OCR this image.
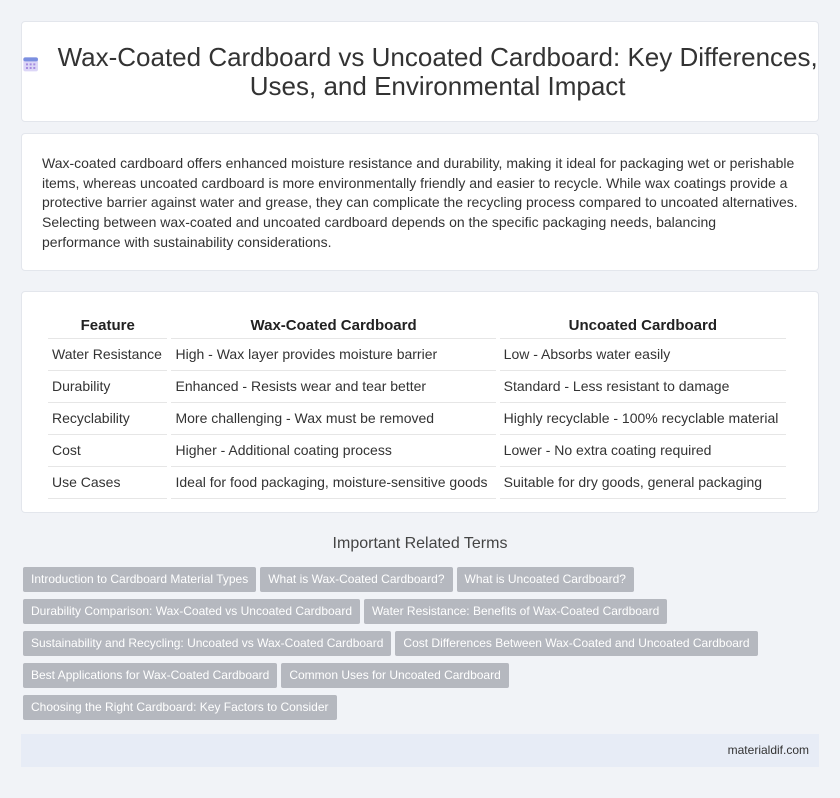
Wax-Coated Cardboard vs Uncoated Cardboard: Key Differences, Uses, and Environmental Impact

Wax-coated cardboard offers enhanced moisture resistance and durability, making it ideal for packaging wet or perishable items, whereas uncoated cardboard is more environmentally friendly and easier to recycle. While wax coatings provide a protective barrier against water and grease, they can complicate the recycling process compared to uncoated alternatives. Selecting between wax-coated and uncoated cardboard depends on the specific packaging needs, balancing performance with sustainability considerations.

Feature	Wax-Coated Cardboard	Uncoated Cardboard
Water Resistance	High - Wax layer provides moisture barrier	Low - Absorbs water easily
Durability	Enhanced - Resists wear and tear better	Standard - Less resistant to damage
Recyclability	More challenging - Wax must be removed	Highly recyclable - 100% recyclable material
Cost	Higher - Additional coating process	Lower - No extra coating required
Use Cases	Ideal for food packaging, moisture-sensitive goods	Suitable for dry goods, general packaging
Important Related Terms
Introduction to Cardboard Material Types What is Wax-Coated Cardboard? What is Uncoated Cardboard?
Durability Comparison: Wax-Coated vs Uncoated Cardboard Water Resistance: Benefits of Wax-Coated Cardboard
Sustainability and Recycling: Uncoated vs Wax-Coated Cardboard Cost Differences Between Wax-Coated and Uncoated Cardboard
Best Applications for Wax-Coated Cardboard Common Uses for Uncoated Cardboard
Choosing the Right Cardboard: Key Factors to Consider
materialdif.com
